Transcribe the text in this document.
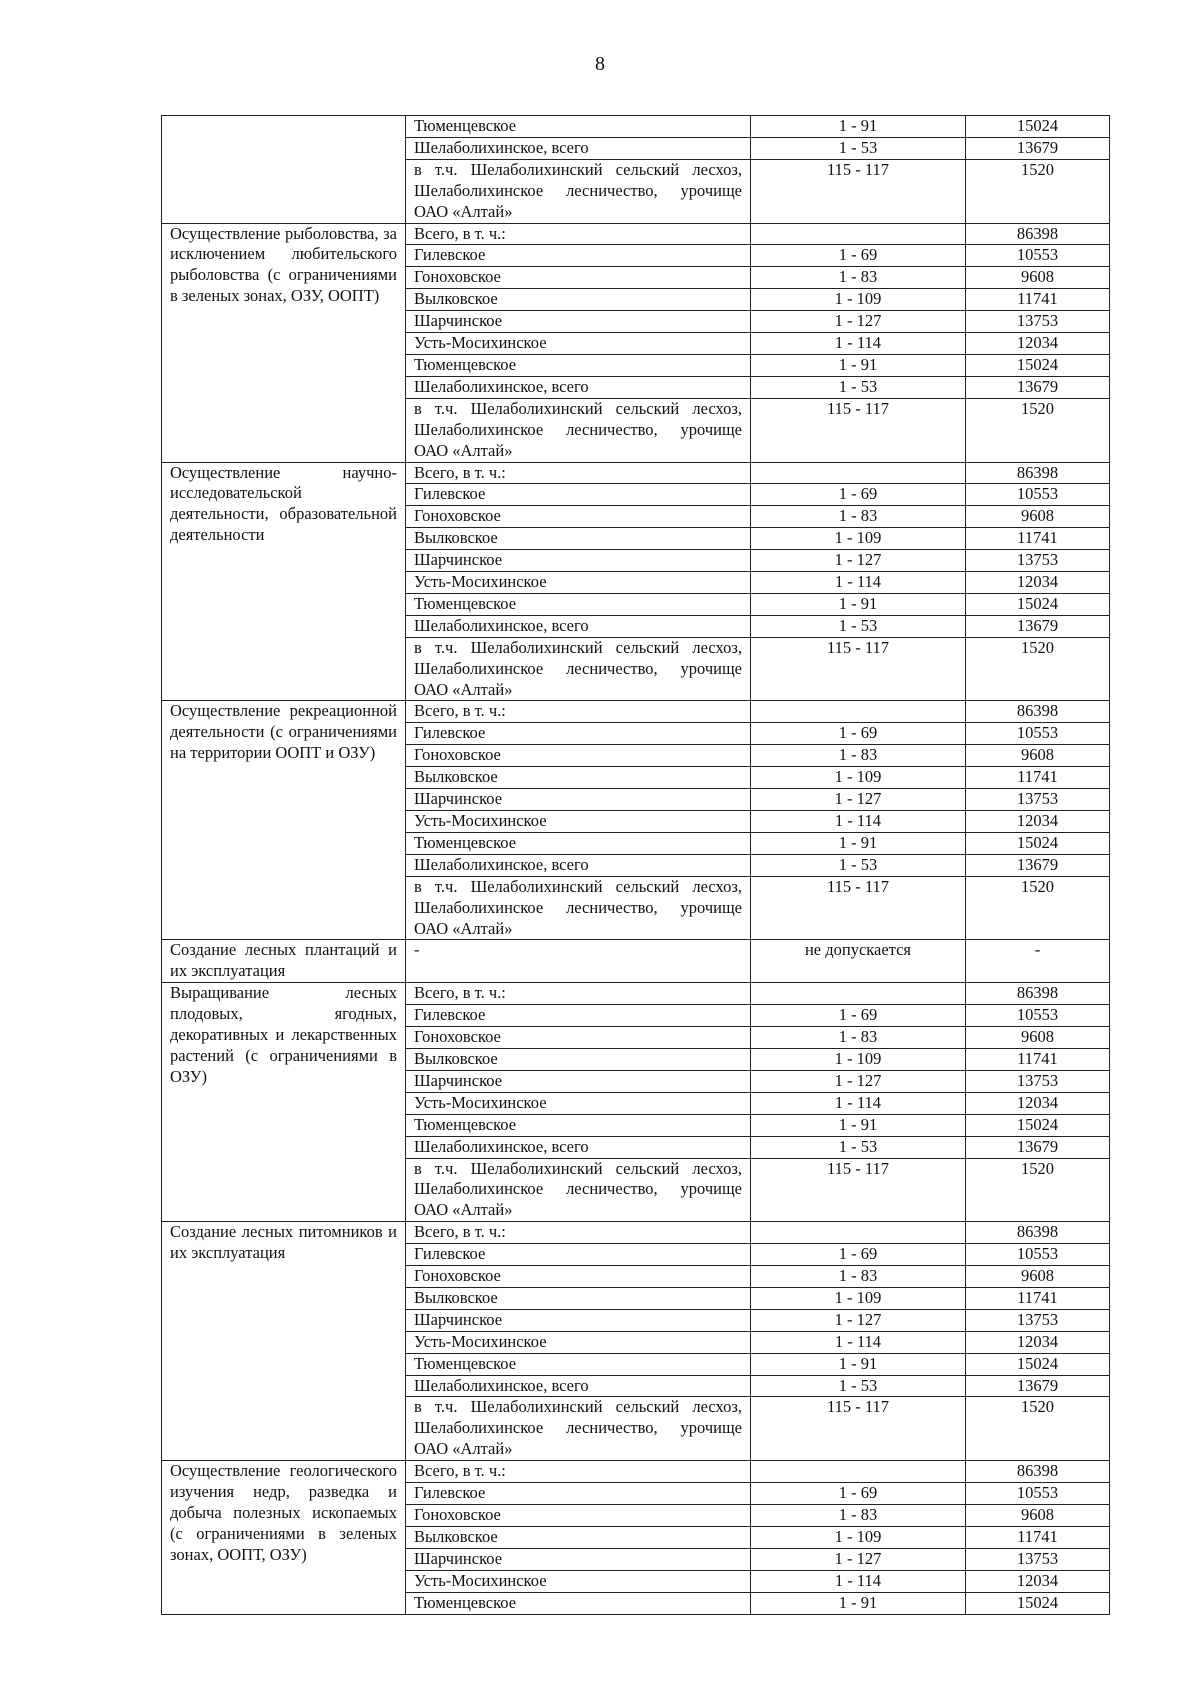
8
	Тюменцевское	1 - 91	15024
	Шелаболихинское, всего	1 - 53	13679
	в т.ч. Шелаболихинский сельский лесхоз, Шелаболихинское лесничество, урочище ОАО «Алтай»	115 - 117	1520
Осуществление рыболовства, за исключением любительского рыболовства (с ограничениями в зеленых зонах, ОЗУ, ООПТ)	Всего, в т. ч.:		86398
	Гилевское	1 - 69	10553
	Гоноховское	1 - 83	9608
	Вылковское	1 - 109	11741
	Шарчинское	1 - 127	13753
	Усть-Мосихинское	1 - 114	12034
	Тюменцевское	1 - 91	15024
	Шелаболихинское, всего	1 - 53	13679
	в т.ч. Шелаболихинский сельский лесхоз, Шелаболихинское лесничество, урочище ОАО «Алтай»	115 - 117	1520
Осуществление научно-исследовательской деятельности, образовательной деятельности	Всего, в т. ч.:		86398
	Гилевское	1 - 69	10553
	Гоноховское	1 - 83	9608
	Вылковское	1 - 109	11741
	Шарчинское	1 - 127	13753
	Усть-Мосихинское	1 - 114	12034
	Тюменцевское	1 - 91	15024
	Шелаболихинское, всего	1 - 53	13679
	в т.ч. Шелаболихинский сельский лесхоз, Шелаболихинское лесничество, урочище ОАО «Алтай»	115 - 117	1520
Осуществление рекреационной деятельности (с ограничениями на территории ООПТ и ОЗУ)	Всего, в т. ч.:		86398
	Гилевское	1 - 69	10553
	Гоноховское	1 - 83	9608
	Вылковское	1 - 109	11741
	Шарчинское	1 - 127	13753
	Усть-Мосихинское	1 - 114	12034
	Тюменцевское	1 - 91	15024
	Шелаболихинское, всего	1 - 53	13679
	в т.ч. Шелаболихинский сельский лесхоз, Шелаболихинское лесничество, урочище ОАО «Алтай»	115 - 117	1520
Создание лесных плантаций и их эксплуатация	-	не допускается	-
Выращивание лесных плодовых, ягодных, декоративных и лекарственных растений (с ограничениями в ОЗУ)	Всего, в т. ч.:		86398
	Гилевское	1 - 69	10553
	Гоноховское	1 - 83	9608
	Вылковское	1 - 109	11741
	Шарчинское	1 - 127	13753
	Усть-Мосихинское	1 - 114	12034
	Тюменцевское	1 - 91	15024
	Шелаболихинское, всего	1 - 53	13679
	в т.ч. Шелаболихинский сельский лесхоз, Шелаболихинское лесничество, урочище ОАО «Алтай»	115 - 117	1520
Создание лесных питомников и их эксплуатация	Всего, в т. ч.:		86398
	Гилевское	1 - 69	10553
	Гоноховское	1 - 83	9608
	Вылковское	1 - 109	11741
	Шарчинское	1 - 127	13753
	Усть-Мосихинское	1 - 114	12034
	Тюменцевское	1 - 91	15024
	Шелаболихинское, всего	1 - 53	13679
	в т.ч. Шелаболихинский сельский лесхоз, Шелаболихинское лесничество, урочище ОАО «Алтай»	115 - 117	1520
Осуществление геологического изучения недр, разведка и добыча полезных ископаемых (с ограничениями в зеленых зонах, ООПТ, ОЗУ)	Всего, в т. ч.:		86398
	Гилевское	1 - 69	10553
	Гоноховское	1 - 83	9608
	Вылковское	1 - 109	11741
	Шарчинское	1 - 127	13753
	Усть-Мосихинское	1 - 114	12034
	Тюменцевское	1 - 91	15024
